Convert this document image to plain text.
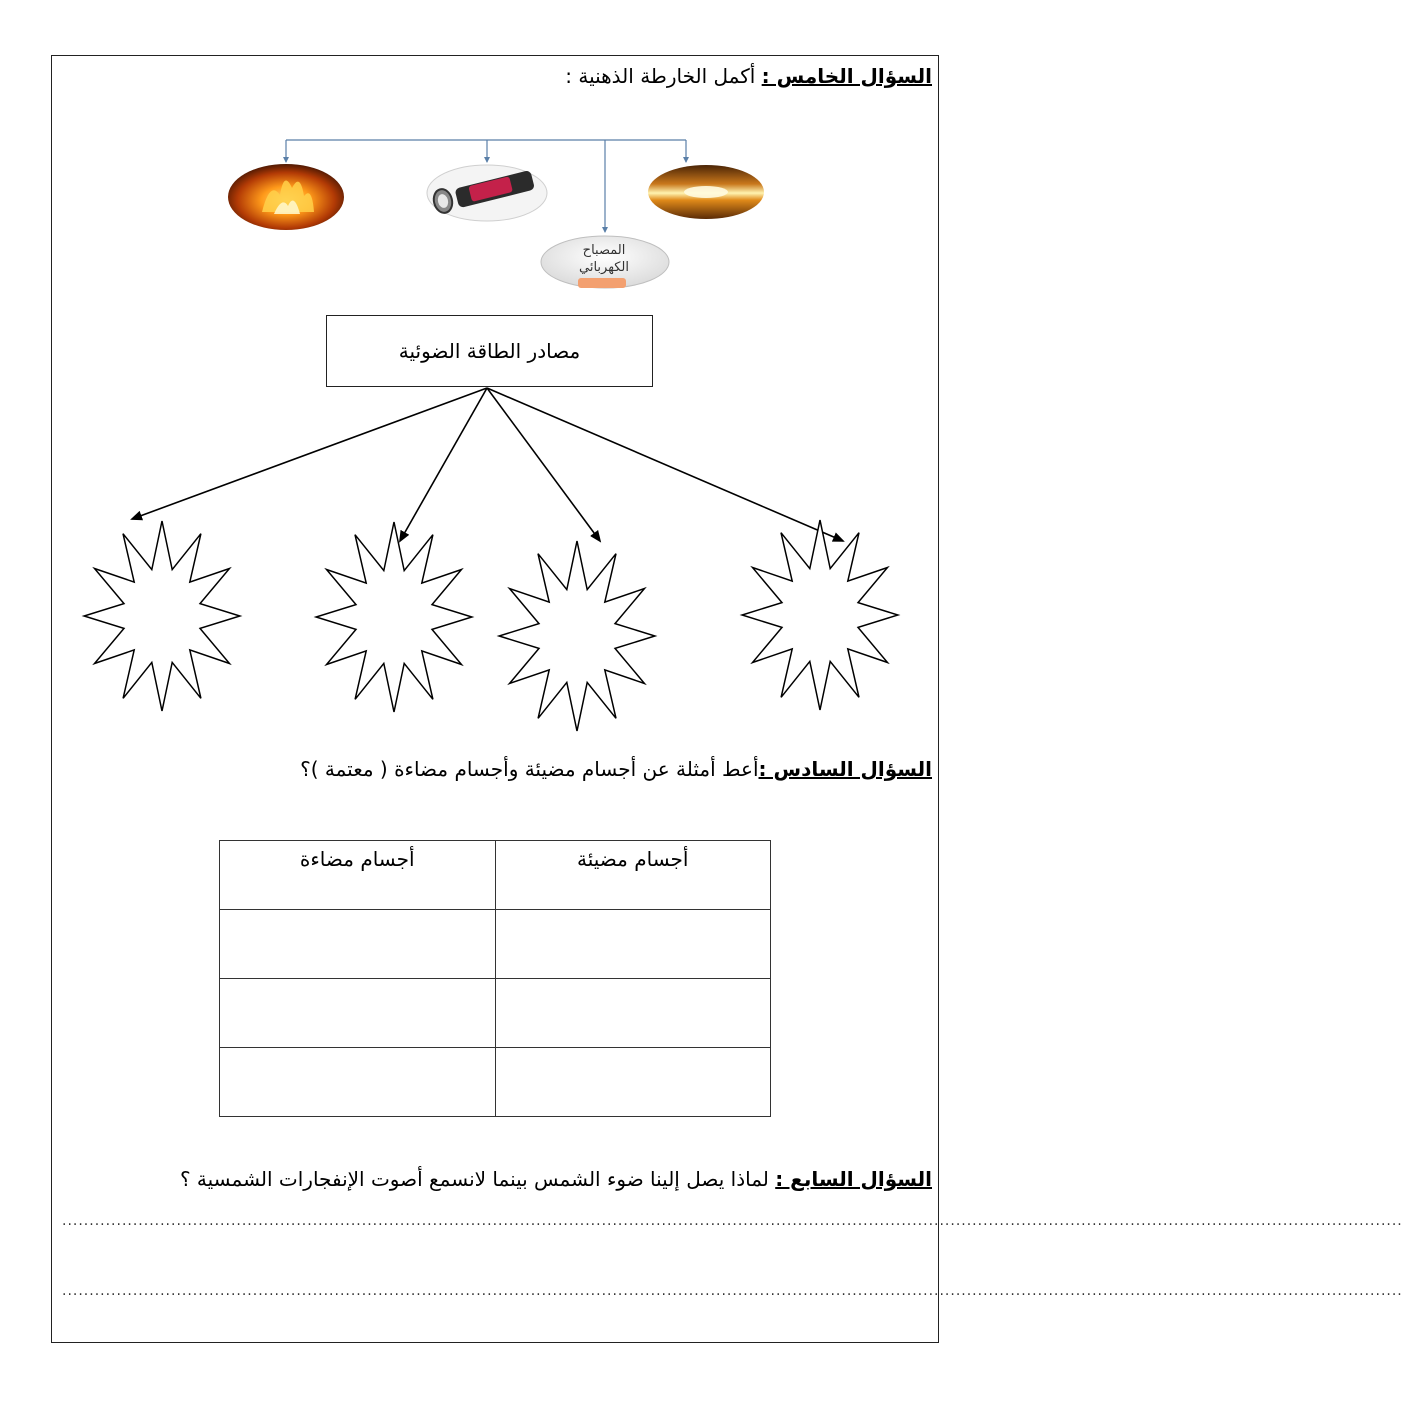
السؤال الخامس : أكمل الخارطة الذهنية :
مصادر الطاقة الضوئية
المصباح
الكهربائي
السؤال السادس :أعط أمثلة عن أجسام مضيئة وأجسام مضاءة ( معتمة )؟
أجسام مضيئة	أجسام مضاءة

السؤال السابع : لماذا يصل إلينا ضوء الشمس بينما لانسمع أصوت الإنفجارات الشمسية ؟
......................................................................................................................................................................................................................................................
......................................................................................................................................................................................................................................................
